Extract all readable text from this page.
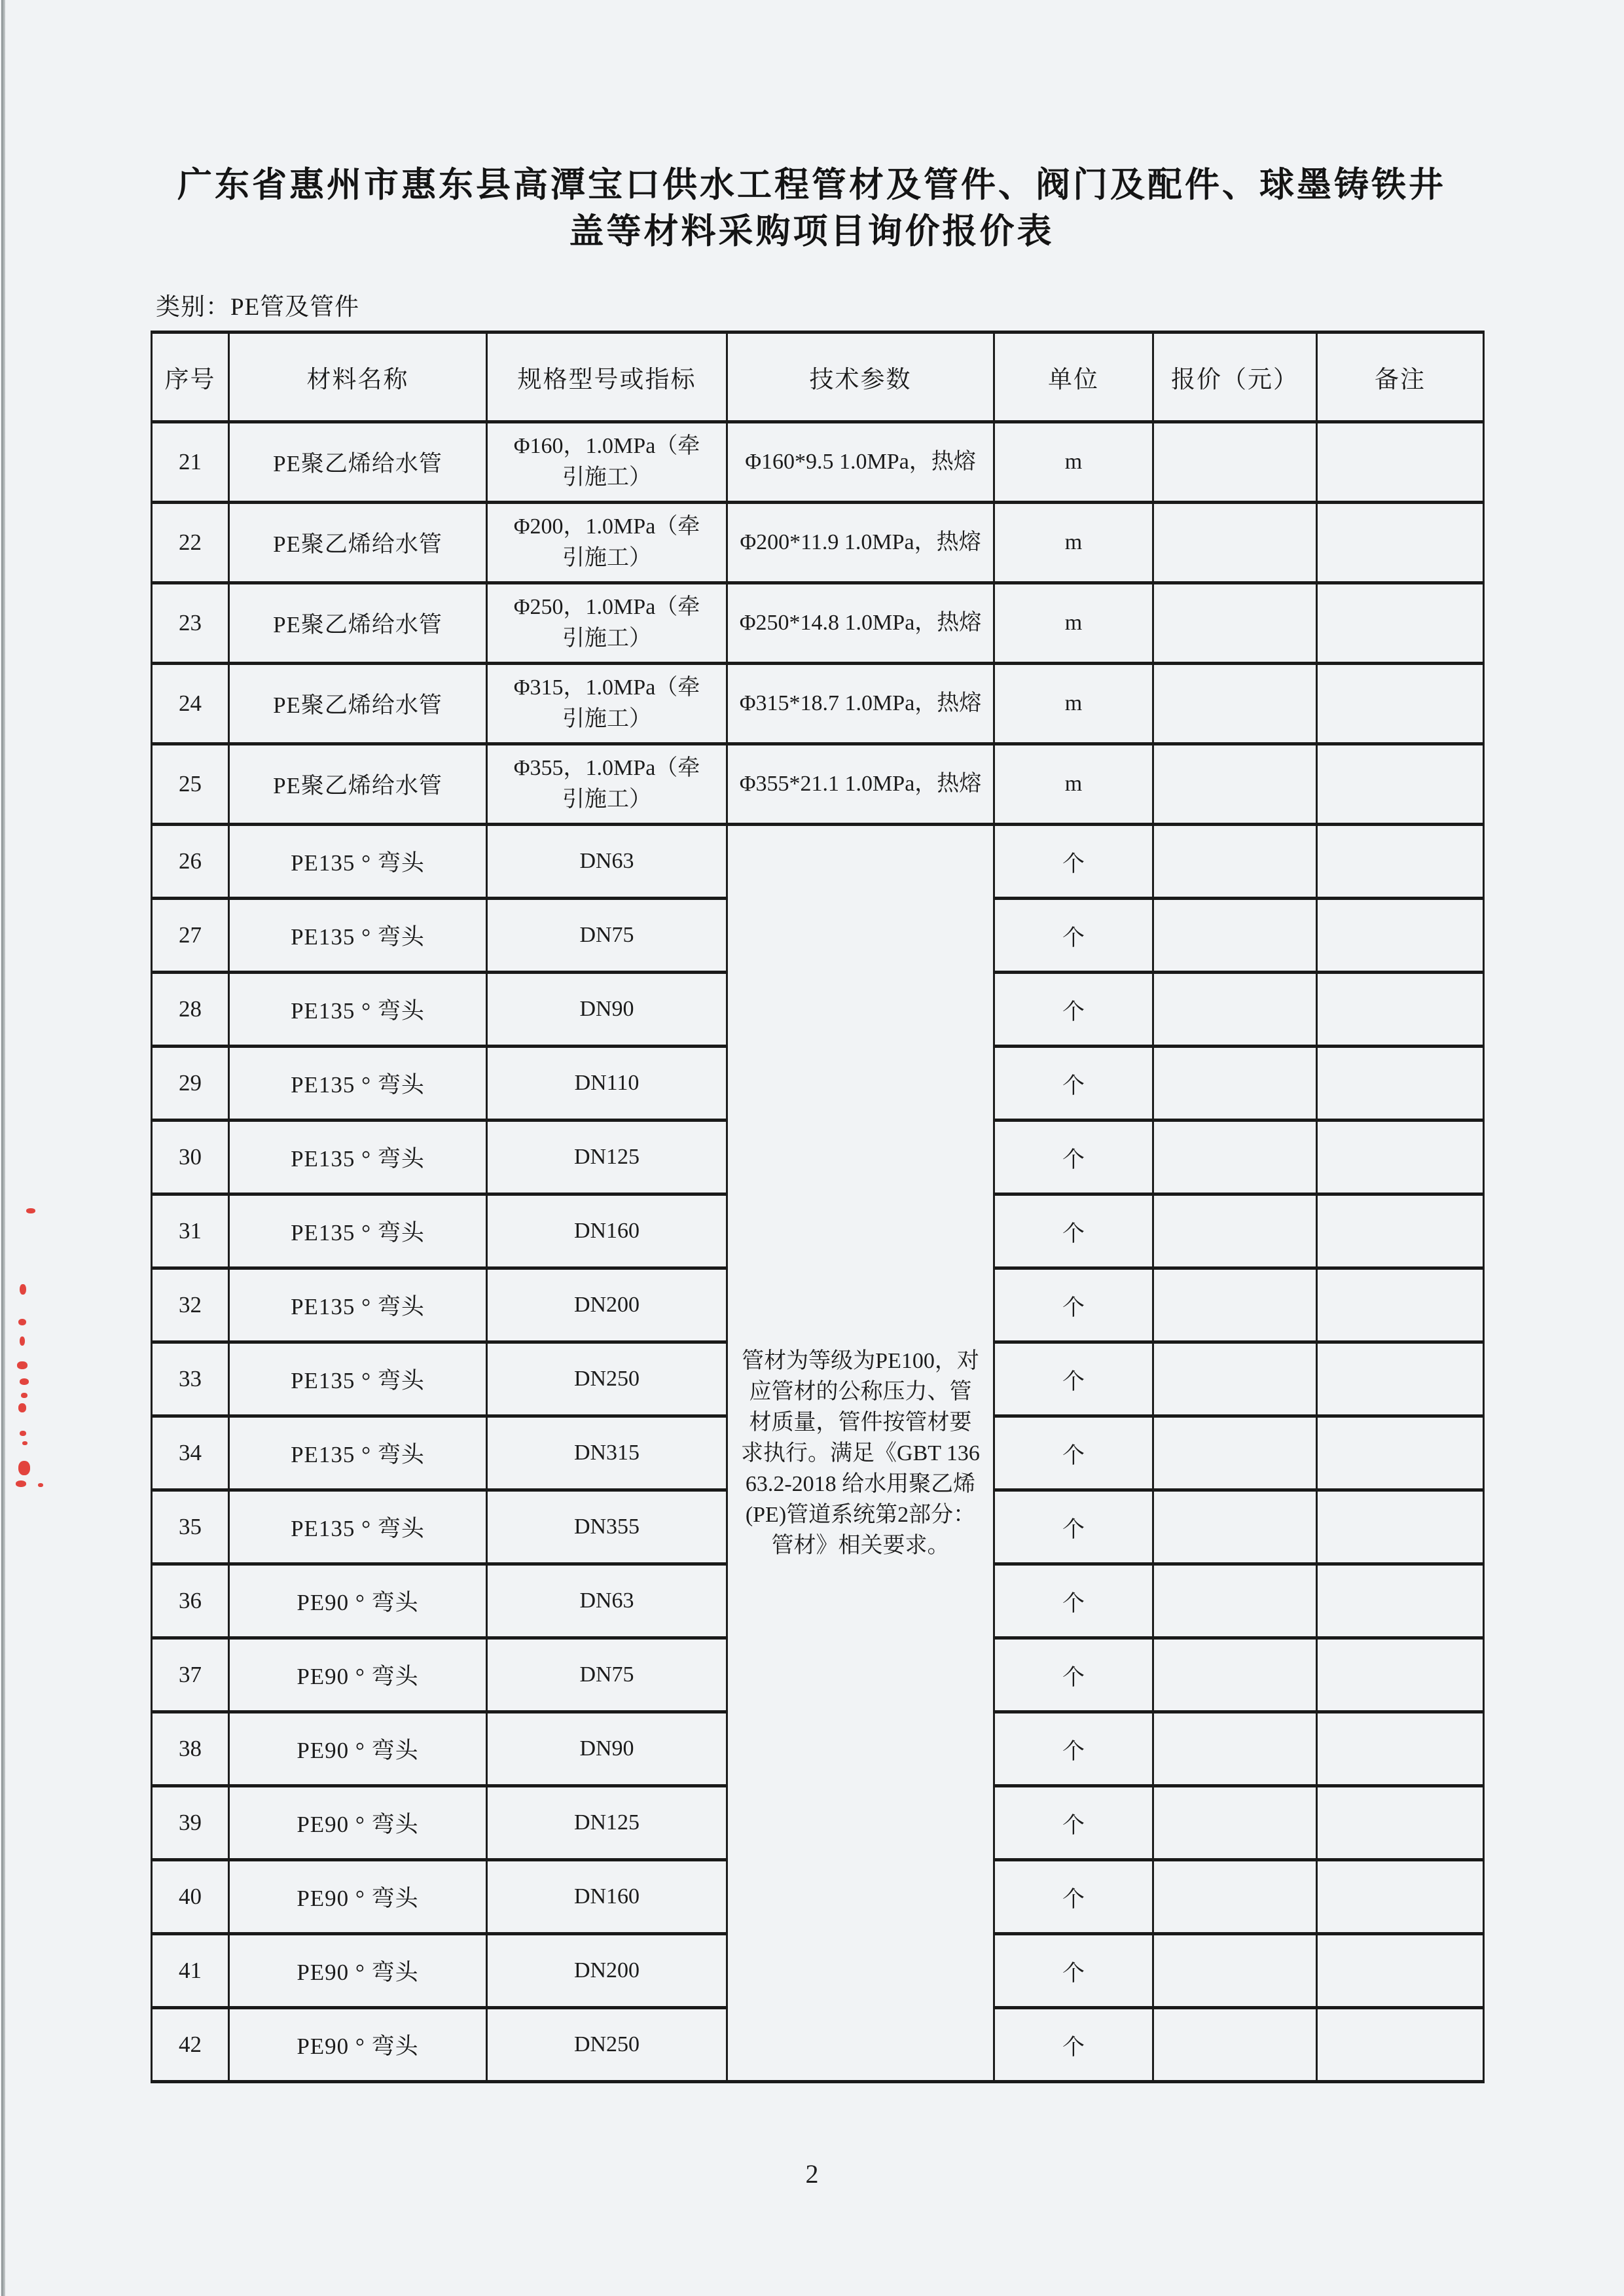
广东省惠州市惠东县高潭宝口供水工程管材及管件、阀门及配件、球墨铸铁井
盖等材料采购项目询价报价表
类别：PE管及管件
序号	材料名称	规格型号或指标	技术参数	单位	报价（元）	备注
21	PE聚乙烯给水管	Φ160，1.0MPa（牵引施工）	Φ160*9.5 1.0MPa，热熔	m		
22	PE聚乙烯给水管	Φ200，1.0MPa（牵引施工）	Φ200*11.9 1.0MPa，热熔	m		
23	PE聚乙烯给水管	Φ250，1.0MPa（牵引施工）	Φ250*14.8 1.0MPa，热熔	m		
24	PE聚乙烯给水管	Φ315，1.0MPa（牵引施工）	Φ315*18.7 1.0MPa，热熔	m		
25	PE聚乙烯给水管	Φ355，1.0MPa（牵引施工）	Φ355*21.1 1.0MPa，热熔	m		
26	PE135 ° 弯头	DN63	管材为等级为PE100，对应管材的公称压力、管材质量，管件按管材要求执行。满足《GBT 13663.2-2018 给水用聚乙烯(PE)管道系统第2部分：管材》相关要求。	个		
27	PE135 ° 弯头	DN75		个		
28	PE135 ° 弯头	DN90		个		
29	PE135 ° 弯头	DN110		个		
30	PE135 ° 弯头	DN125		个		
31	PE135 ° 弯头	DN160		个		
32	PE135 ° 弯头	DN200		个		
33	PE135 ° 弯头	DN250		个		
34	PE135 ° 弯头	DN315		个		
35	PE135 ° 弯头	DN355		个		
36	PE90 ° 弯头	DN63		个		
37	PE90 ° 弯头	DN75		个		
38	PE90 ° 弯头	DN90		个		
39	PE90 ° 弯头	DN125		个		
40	PE90 ° 弯头	DN160		个		
41	PE90 ° 弯头	DN200		个		
42	PE90 ° 弯头	DN250		个		
2
